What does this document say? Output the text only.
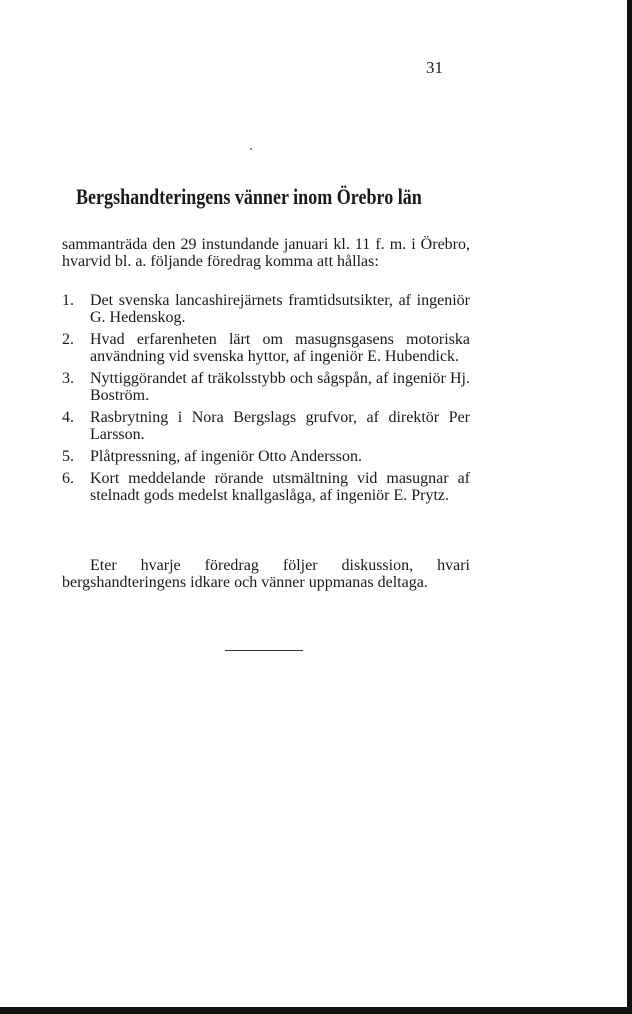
31
Bergshandteringens vänner inom Örebro län
sammanträda den 29 instundande januari kl. 11 f. m. i Örebro, hvarvid bl. a. följande föredrag komma att hållas:
1. Det svenska lancashirejärnets framtidsutsikter, af ingeniör G. Hedenskog.
2. Hvad erfarenheten lärt om masugnsgasens motoriska användning vid svenska hyttor, af ingeniör E. Hubendick.
3. Nyttiggörandet af träkolsstybb och sågspån, af ingeniör Hj. Boström.
4. Rasbrytning i Nora Bergslags grufvor, af direktör Per Larsson.
5. Plåtpressning, af ingeniör Otto Andersson.
6. Kort meddelande rörande utsmältning vid masugnar af stelnadt gods medelst knallgaslåga, af ingeniör E. Prytz.
Eter hvarje föredrag följer diskussion, hvari bergshandteringens idkare och vänner uppmanas deltaga.
